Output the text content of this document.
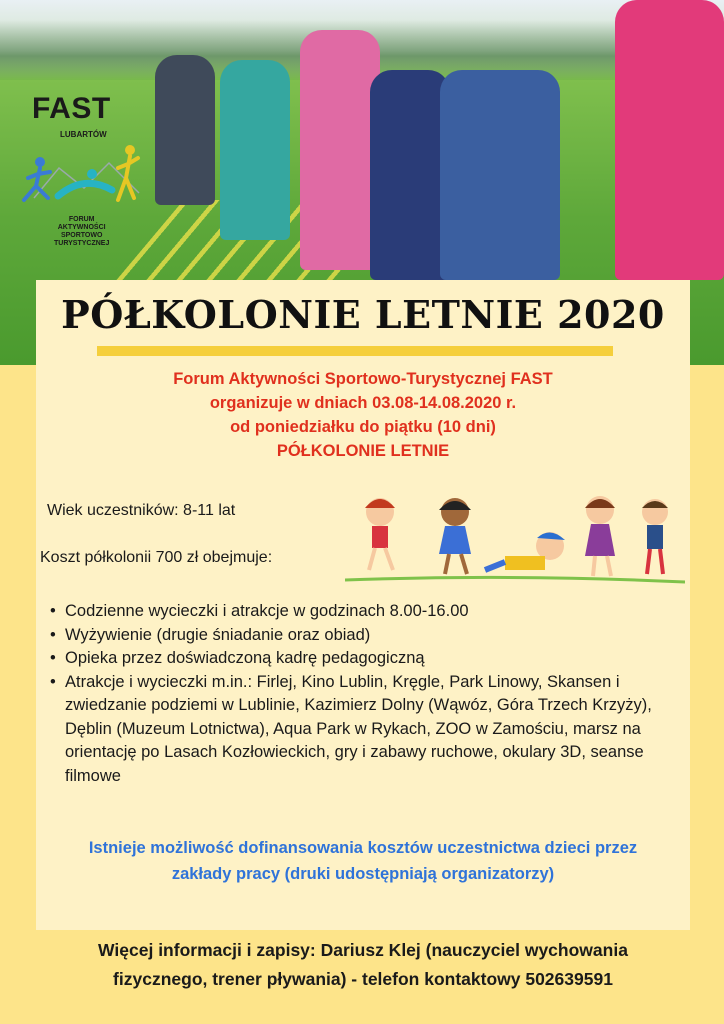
FAST
LUBARTÓW
FORUM
AKTYWNOŚCI
SPORTOWO
TURYSTYCZNEJ
PÓŁKOLONIE LETNIE 2020
Forum Aktywności Sportowo-Turystycznej FAST
organizuje w dniach 03.08-14.08.2020 r.
od poniedziałku do piątku (10 dni)
PÓŁKOLONIE LETNIE
Wiek uczestników: 8-11 lat
Koszt półkolonii 700 zł obejmuje:
• Codzienne wycieczki i atrakcje w godzinach 8.00-16.00
• Wyżywienie (drugie śniadanie oraz obiad)
• Opieka przez doświadczoną kadrę pedagogiczną
• Atrakcje i wycieczki m.in.: Firlej, Kino Lublin, Kręgle, Park Linowy, Skansen i zwiedzanie podziemi w Lublinie, Kazimierz Dolny (Wąwóz, Góra Trzech Krzyży), Dęblin (Muzeum Lotnictwa), Aqua Park w Rykach, ZOO w Zamościu, marsz na orientację po Lasach Kozłowieckich, gry i zabawy ruchowe, okulary 3D, seanse filmowe
Istnieje możliwość dofinansowania kosztów uczestnictwa dzieci przez
zakłady pracy (druki udostępniają organizatorzy)
Więcej informacji i zapisy: Dariusz Klej (nauczyciel wychowania
fizycznego, trener pływania) - telefon kontaktowy 502639591
